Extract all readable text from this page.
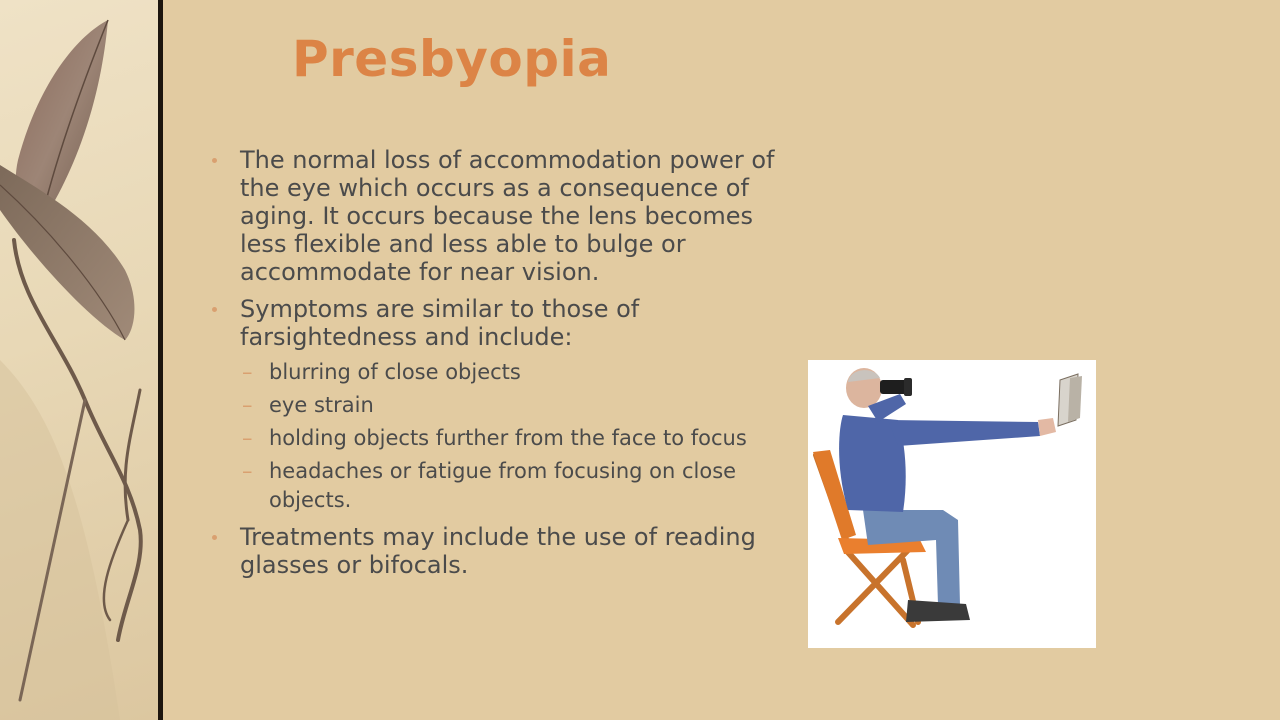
Presbyopia
The normal loss of accommodation power of the eye which occurs as a consequence of aging. It occurs because the lens becomes less flexible and less able to bulge or accommodate for near vision.
Symptoms are similar to those of farsightedness and include:
– blurring of close objects
– eye strain
– holding objects further from the face to focus
– headaches or fatigue from focusing on close objects.
Treatments may include the use of reading glasses or bifocals.
